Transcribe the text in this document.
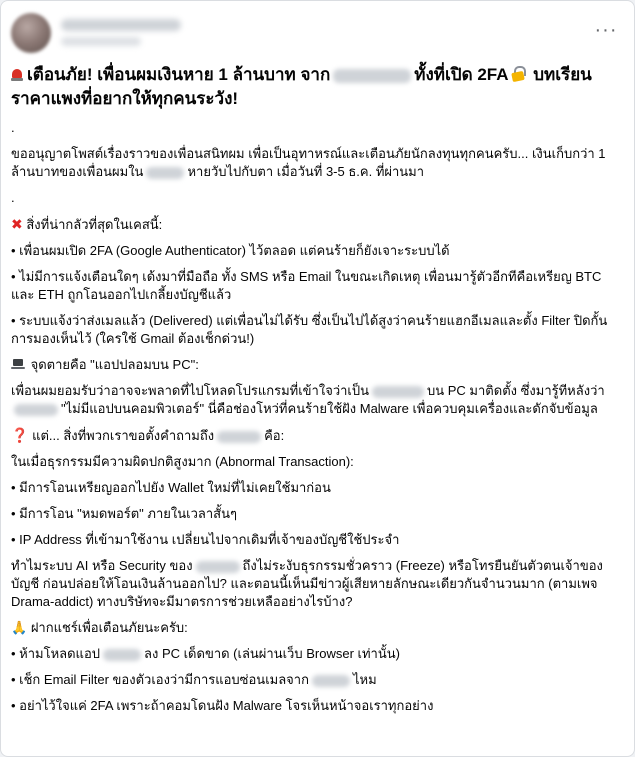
···
เตือนภัย! เพื่อนผมเงินหาย 1 ล้านบาท จาก	ทั้งที่เปิด 2FA บทเรียนราคาแพงที่อยากให้ทุกคนระวัง!
.
ขออนุญาตโพสต์เรื่องราวของเพื่อนสนิทผม เพื่อเป็นอุทาหรณ์และเตือนภัยนักลงทุนทุกคนครับ... เงินเก็บกว่า 1 ล้านบาทของเพื่อนผมใน	หายวับไปกับตา เมื่อวันที่ 3-5 ธ.ค. ที่ผ่านมา
.
✖ สิ่งที่น่ากลัวที่สุดในเคสนี้:
• เพื่อนผมเปิด 2FA (Google Authenticator) ไว้ตลอด แต่คนร้ายก็ยังเจาะระบบได้
• ไม่มีการแจ้งเตือนใดๆ เด้งมาที่มือถือ ทั้ง SMS หรือ Email ในขณะเกิดเหตุ เพื่อนมารู้ตัวอีกทีคือเหรียญ BTC และ ETH ถูกโอนออกไปเกลี้ยงบัญชีแล้ว
• ระบบแจ้งว่าส่งเมลแล้ว (Delivered) แต่เพื่อนไม่ได้รับ ซึ่งเป็นไปได้สูงว่าคนร้ายแฮกอีเมลและตั้ง Filter ปิดกั้นการมองเห็นไว้ (ใครใช้ Gmail ต้องเช็กด่วน!)
จุดตายคือ "แอปปลอมบน PC":
เพื่อนผมยอมรับว่าอาจจะพลาดที่ไปโหลดโปรแกรมที่เข้าใจว่าเป็น	บน PC มาติดตั้ง ซึ่งมารู้ทีหลังว่า"ไม่มีแอปบนคอมพิวเตอร์" นี่คือช่องโหว่ที่คนร้ายใช้ฝัง Malware เพื่อควบคุมเครื่องและดักจับข้อมูล
❓ แต่... สิ่งที่พวกเราขอตั้งคำถามถึง	คือ:
ในเมื่อธุรกรรมมีความผิดปกติสูงมาก (Abnormal Transaction):
• มีการโอนเหรียญออกไปยัง Wallet ใหม่ที่ไม่เคยใช้มาก่อน
• มีการโอน "หมดพอร์ต" ภายในเวลาสั้นๆ
• IP Address ที่เข้ามาใช้งาน เปลี่ยนไปจากเดิมที่เจ้าของบัญชีใช้ประจำ
ทำไมระบบ AI หรือ Security ของ	ถึงไม่ระงับธุรกรรมชั่วคราว (Freeze) หรือโทรยืนยันตัวตนเจ้าของบัญชี ก่อนปล่อยให้โอนเงินล้านออกไป? และตอนนี้เห็นมีข่าวผู้เสียหายลักษณะเดียวกันจำนวนมาก (ตามเพจ Drama-addict) ทางบริษัทจะมีมาตรการช่วยเหลืออย่างไรบ้าง?
🙏 ฝากแชร์เพื่อเตือนภัยนะครับ:
• ห้ามโหลดแอป	ลง PC เด็ดขาด (เล่นผ่านเว็บ Browser เท่านั้น)
• เช็ก Email Filter ของตัวเองว่ามีการแอบซ่อนเมลจาก	ไหม
• อย่าไว้ใจแค่ 2FA เพราะถ้าคอมโดนฝัง Malware โจรเห็นหน้าจอเราทุกอย่าง
